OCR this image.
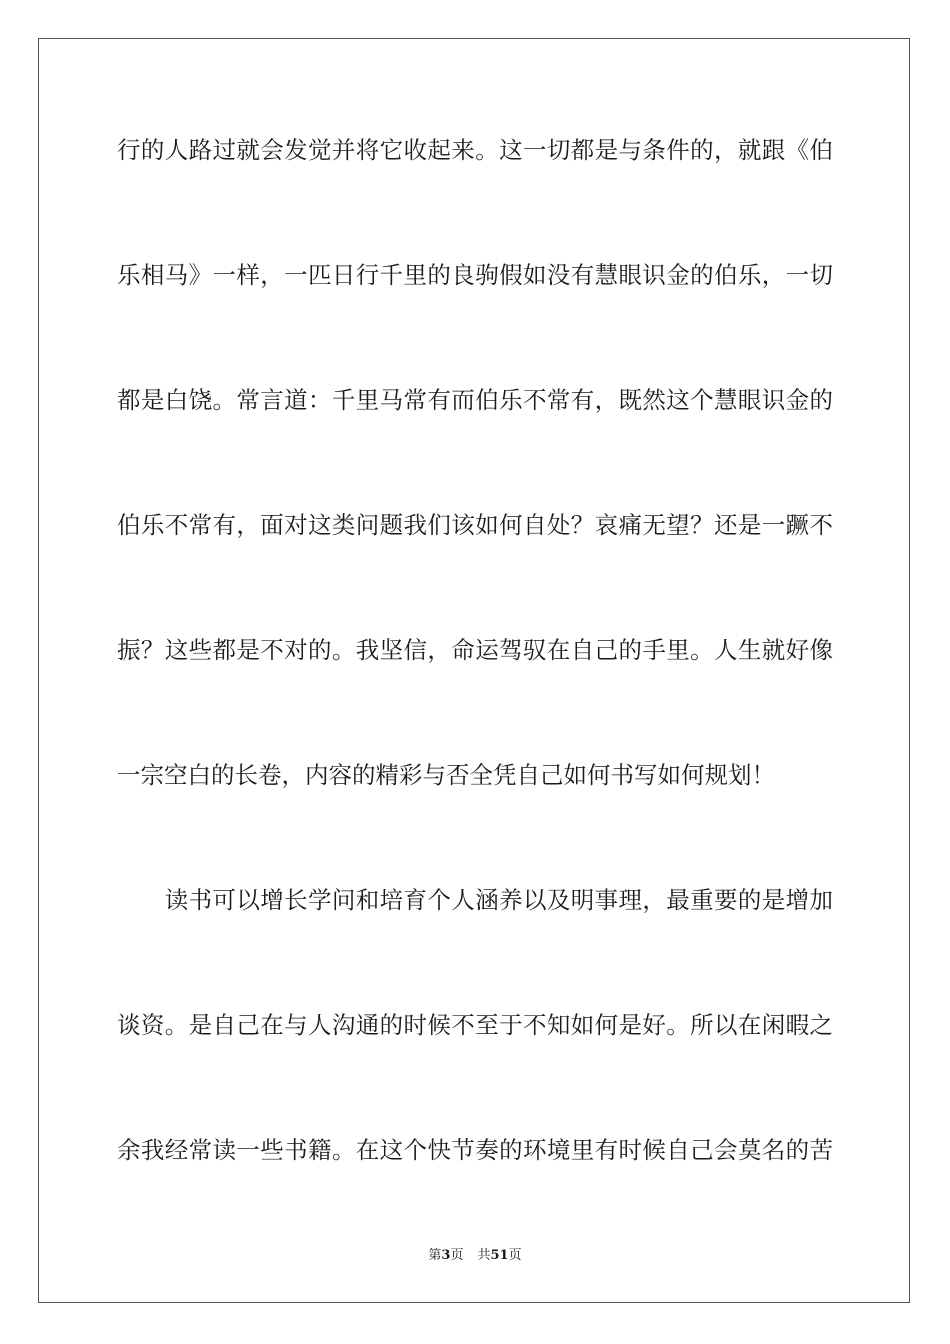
行的人路过就会发觉并将它收起来。这一切都是与条件的，就跟《伯
乐相马》一样，一匹日行千里的良驹假如没有慧眼识金的伯乐，一切
都是白饶。常言道：千里马常有而伯乐不常有，既然这个慧眼识金的
伯乐不常有，面对这类问题我们该如何自处？哀痛无望？还是一蹶不
振？这些都是不对的。我坚信，命运驾驭在自己的手里。人生就好像
一宗空白的长卷，内容的精彩与否全凭自己如何书写如何规划！
　　读书可以增长学问和培育个人涵养以及明事理，最重要的是增加
谈资。是自己在与人沟通的时候不至于不知如何是好。所以在闲暇之
余我经常读一些书籍。在这个快节奏的环境里有时候自己会莫名的苦
第3页 共51页
